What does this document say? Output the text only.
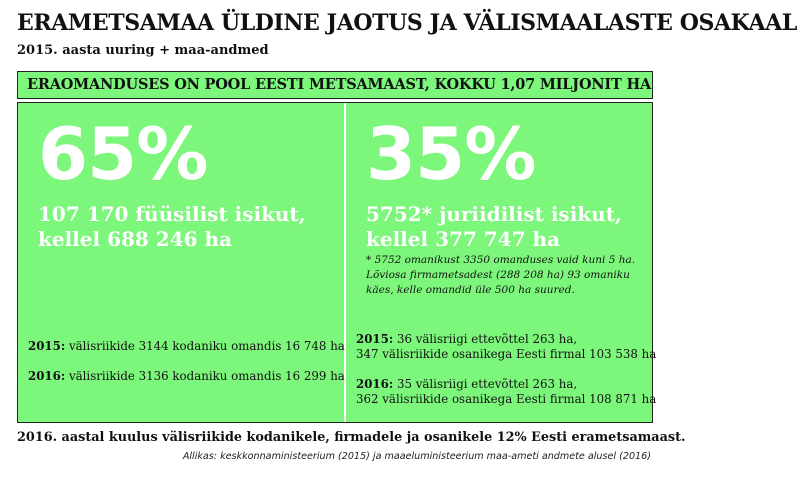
ERAMETSAMAA ÜLDINE JAOTUS JA VÄLISMAALASTE OSAKAAL
2015. aasta uuring + maa-andmed
ERAOMANDUSES ON POOL EESTI METSAMAAST, KOKKU 1,07 MILJONIT HA
65%
107 170 füüsilist isikut,
kellel 688 246 ha
2015: välisriikide 3144 kodaniku omandis 16 748 ha
2016: välisriikide 3136 kodaniku omandis 16 299 ha
35%
5752* juriidilist isikut,
kellel 377 747 ha
* 5752 omanikust 3350 omanduses vaid kuni 5 ha. Lõviosa firmametsadest (288 208 ha) 93 omaniku käes, kelle omandid üle 500 ha suured.
2015: 36 välisriigi ettevõttel 263 ha,
347 välisriikide osanikega Eesti firmal 103 538 ha
2016: 35 välisriigi ettevõttel 263 ha,
362 välisriikide osanikega Eesti firmal 108 871 ha
2016. aastal kuulus välisriikide kodanikele, firmadele ja osanikele 12% Eesti erametsamaast.
Allikas: keskkonnaministeerium (2015) ja maaeluministeerium maa-ameti andmete alusel (2016)
